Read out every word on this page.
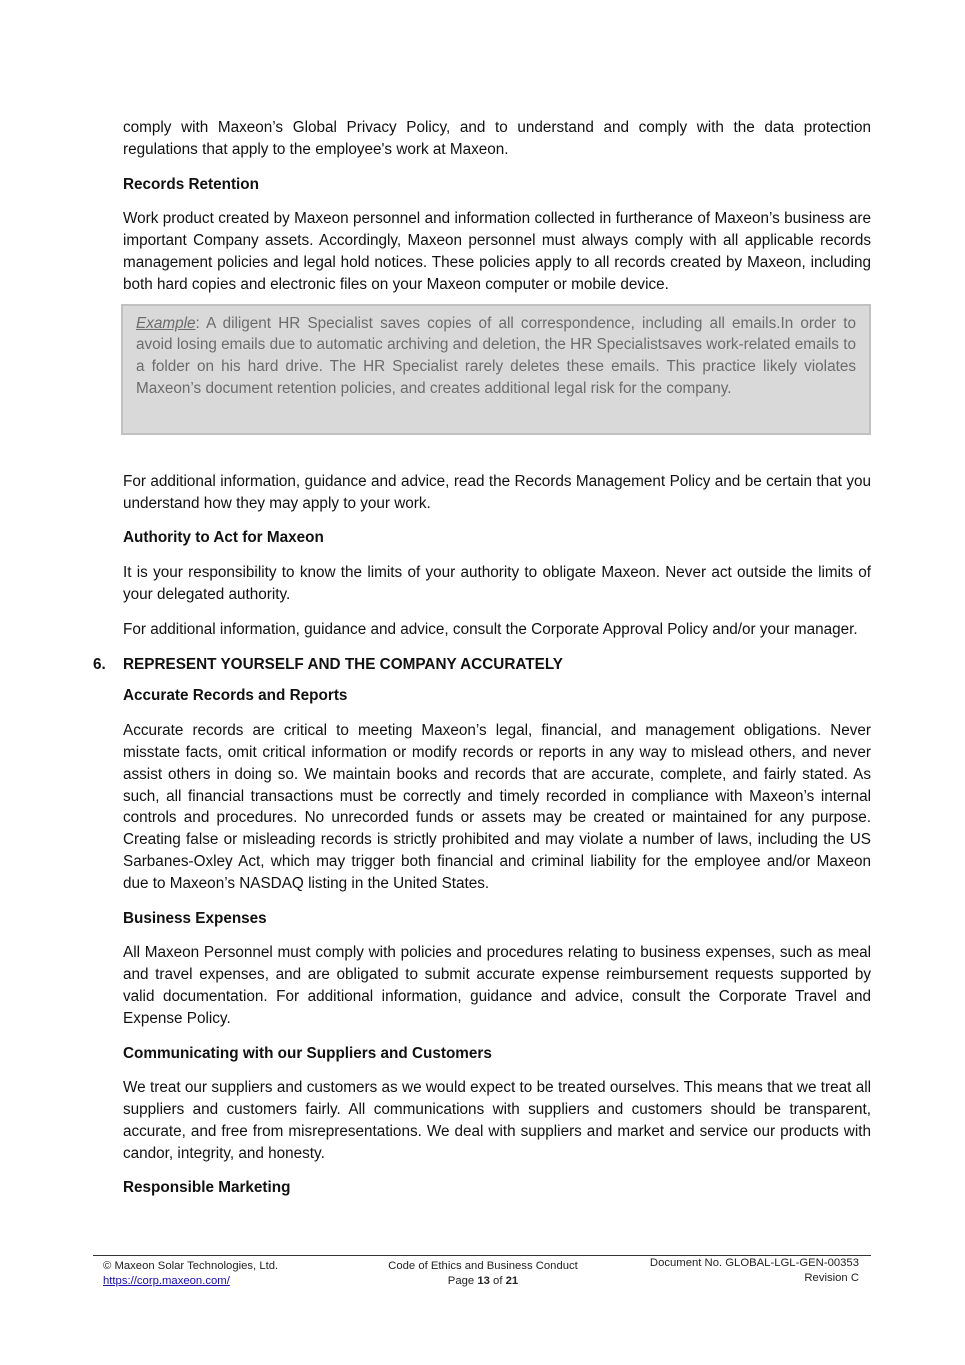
comply with Maxeon’s Global Privacy Policy, and to understand and comply with the data protection regulations that apply to the employee's work at Maxeon.

Records Retention

Work product created by Maxeon personnel and information collected in furtherance of Maxeon’s business are important Company assets. Accordingly, Maxeon personnel must always comply with all applicable records management policies and legal hold notices. These policies apply to all records created by Maxeon, including both hard copies and electronic files on your Maxeon computer or mobile device.

Example: A diligent HR Specialist saves copies of all correspondence, including all emails.In order to avoid losing emails due to automatic archiving and deletion, the HR Specialistsaves work-related emails to a folder on his hard drive. The HR Specialist rarely deletes these emails. This practice likely violates Maxeon’s document retention policies, and creates additional legal risk for the company.

For additional information, guidance and advice, read the Records Management Policy and be certain that you understand how they may apply to your work.

Authority to Act for Maxeon

It is your responsibility to know the limits of your authority to obligate Maxeon. Never act outside the limits of your delegated authority.

For additional information, guidance and advice, consult the Corporate Approval Policy and/or your manager.

6. REPRESENT YOURSELF AND THE COMPANY ACCURATELY
Accurate Records and Reports

Accurate records are critical to meeting Maxeon’s legal, financial, and management obligations. Never misstate facts, omit critical information or modify records or reports in any way to mislead others, and never assist others in doing so. We maintain books and records that are accurate, complete, and fairly stated. As such, all financial transactions must be correctly and timely recorded in compliance with Maxeon’s internal controls and procedures. No unrecorded funds or assets may be created or maintained for any purpose. Creating false or misleading records is strictly prohibited and may violate a number of laws, including the US Sarbanes-Oxley Act, which may trigger both financial and criminal liability for the employee and/or Maxeon due to Maxeon’s NASDAQ listing in the United States.

Business Expenses

All Maxeon Personnel must comply with policies and procedures relating to business expenses, such as meal and travel expenses, and are obligated to submit accurate expense reimbursement requests supported by valid documentation. For additional information, guidance and advice, consult the Corporate Travel and Expense Policy.

Communicating with our Suppliers and Customers

We treat our suppliers and customers as we would expect to be treated ourselves. This means that we treat all suppliers and customers fairly. All communications with suppliers and customers should be transparent, accurate, and free from misrepresentations. We deal with suppliers and market and service our products with candor, integrity, and honesty.

Responsible Marketing
© Maxeon Solar Technologies, Ltd.
https://corp.maxeon.com/
Code of Ethics and Business Conduct
Page 13 of 21
Document No. GLOBAL-LGL-GEN-00353
Revision C
